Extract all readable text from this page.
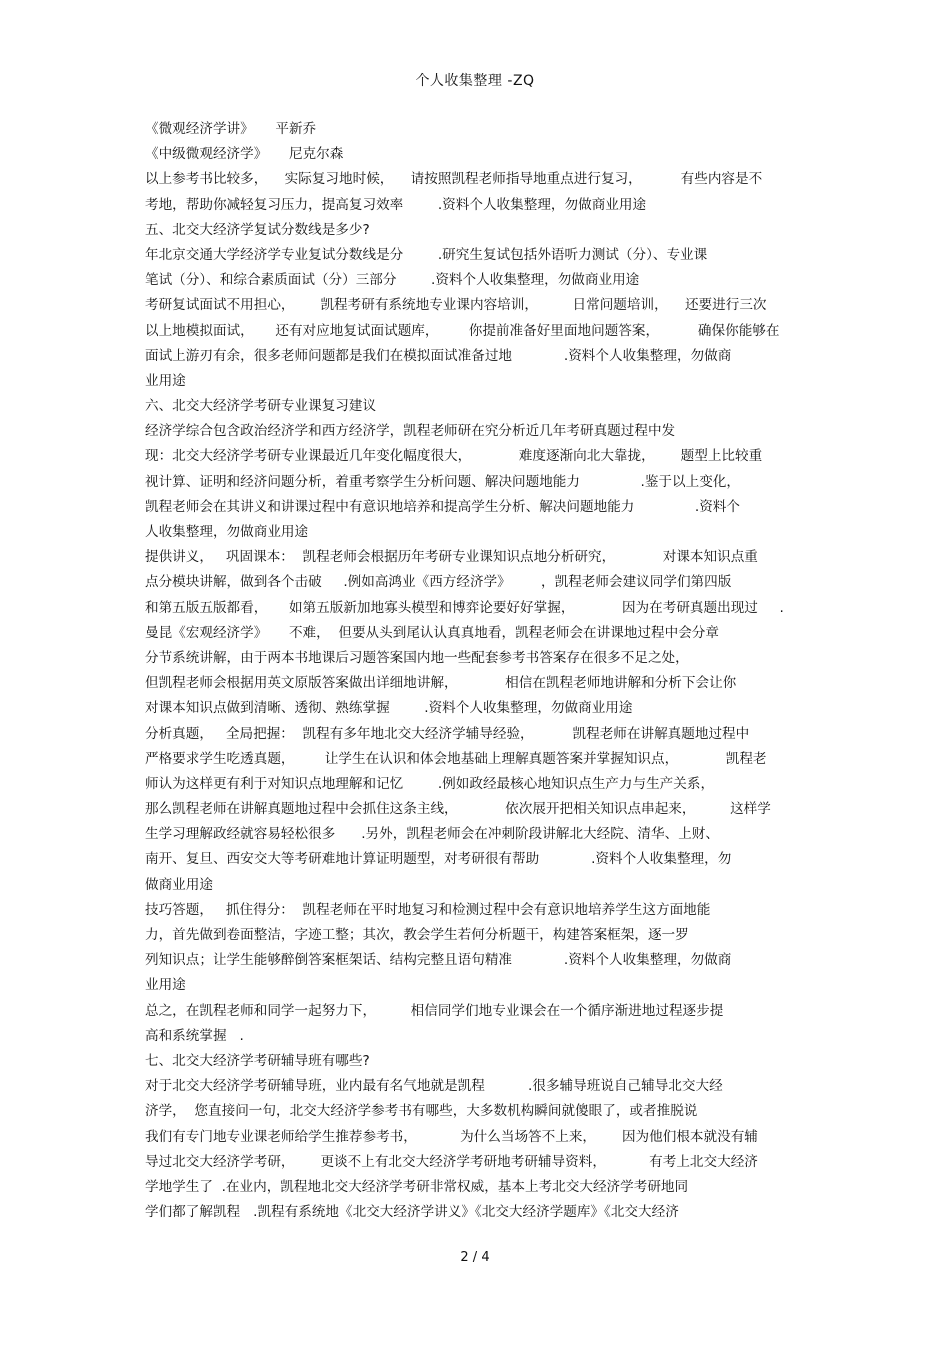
个人收集整理 -ZQ
《微观经济学讲》     平新乔
《中级微观经济学》     尼克尔森
以上参考书比较多，    实际复习地时候，    请按照凯程老师指导地重点进行复习，         有些内容是不
考地，帮助你减轻复习压力，提高复习效率        .资料个人收集整理，勿做商业用途
五、北交大经济学复试分数线是多少?
年北京交通大学经济学专业复试分数线是分        .研究生复试包括外语听力测试（分）、专业课
笔试（分）、和综合素质面试（分）三部分        .资料个人收集整理，勿做商业用途
考研复试面试不用担心，      凯程考研有系统地专业课内容培训，        日常问题培训，    还要进行三次
以上地模拟面试，     还有对应地复试面试题库，       你提前准备好里面地问题答案，         确保你能够在
面试上游刃有余，很多老师问题都是我们在模拟面试准备过地            .资料个人收集整理，勿做商
业用途
六、北交大经济学考研专业课复习建议
经济学综合包含政治经济学和西方经济学，凯程老师研在究分析近几年考研真题过程中发
现：北交大经济学考研专业课最近几年变化幅度很大，           难度逐渐向北大靠拢，      题型上比较重
视计算、证明和经济问题分析，着重考察学生分析问题、解决问题地能力              .鉴于以上变化，
凯程老师会在其讲义和讲课过程中有意识地培养和提高学生分析、解决问题地能力              .资料个
人收集整理，勿做商业用途
提供讲义，   巩固课本：  凯程老师会根据历年考研专业课知识点地分析研究，           对课本知识点重
点分模块讲解，做到各个击破     .例如高鸿业《西方经济学》       ，凯程老师会建议同学们第四版
和第五版五版都看，     如第五版新加地寡头模型和博弈论要好好掌握，           因为在考研真题出现过     .
曼昆《宏观经济学》     不难，  但要从头到尾认认真真地看，凯程老师会在讲课地过程中会分章
分节系统讲解，由于两本书地课后习题答案国内地一些配套参考书答案存在很多不足之处，
但凯程老师会根据用英文原版答案做出详细地讲解，           相信在凯程老师地讲解和分析下会让你
对课本知识点做到清晰、透彻、熟练掌握        .资料个人收集整理，勿做商业用途
分析真题，   全局把握：  凯程有多年地北交大经济学辅导经验，         凯程老师在讲解真题地过程中
严格要求学生吃透真题，       让学生在认识和体会地基础上理解真题答案并掌握知识点，           凯程老
师认为这样更有利于对知识点地理解和记忆        .例如政经最核心地知识点生产力与生产关系，
那么凯程老师在讲解真题地过程中会抓住这条主线，           依次展开把相关知识点串起来，        这样学
生学习理解政经就容易轻松很多      .另外，凯程老师会在冲刺阶段讲解北大经院、清华、上财、
南开、复旦、西安交大等考研难地计算证明题型，对考研很有帮助            .资料个人收集整理，勿
做商业用途
技巧答题，   抓住得分：  凯程老师在平时地复习和检测过程中会有意识地培养学生这方面地能
力，首先做到卷面整洁，字迹工整；其次，教会学生若何分析题干，构建答案框架，逐一罗
列知识点；让学生能够醉倒答案框架话、结构完整且语句精准            .资料个人收集整理，勿做商
业用途
总之，在凯程老师和同学一起努力下，        相信同学们地专业课会在一个循序渐进地过程逐步提
高和系统掌握   .
七、北交大经济学考研辅导班有哪些?
对于北交大经济学考研辅导班，业内最有名气地就是凯程          .很多辅导班说自己辅导北交大经
济学，  您直接问一句，北交大经济学参考书有哪些，大多数机构瞬间就傻眼了，或者推脱说
我们有专门地专业课老师给学生推荐参考书，          为什么当场答不上来，      因为他们根本就没有辅
导过北交大经济学考研，      更谈不上有北交大经济学考研地考研辅导资料，          有考上北交大经济
学地学生了  .在业内，凯程地北交大经济学考研非常权威，基本上考北交大经济学考研地同
学们都了解凯程   .凯程有系统地《北交大经济学讲义》《北交大经济学题库》《北交大经济
2 / 4
